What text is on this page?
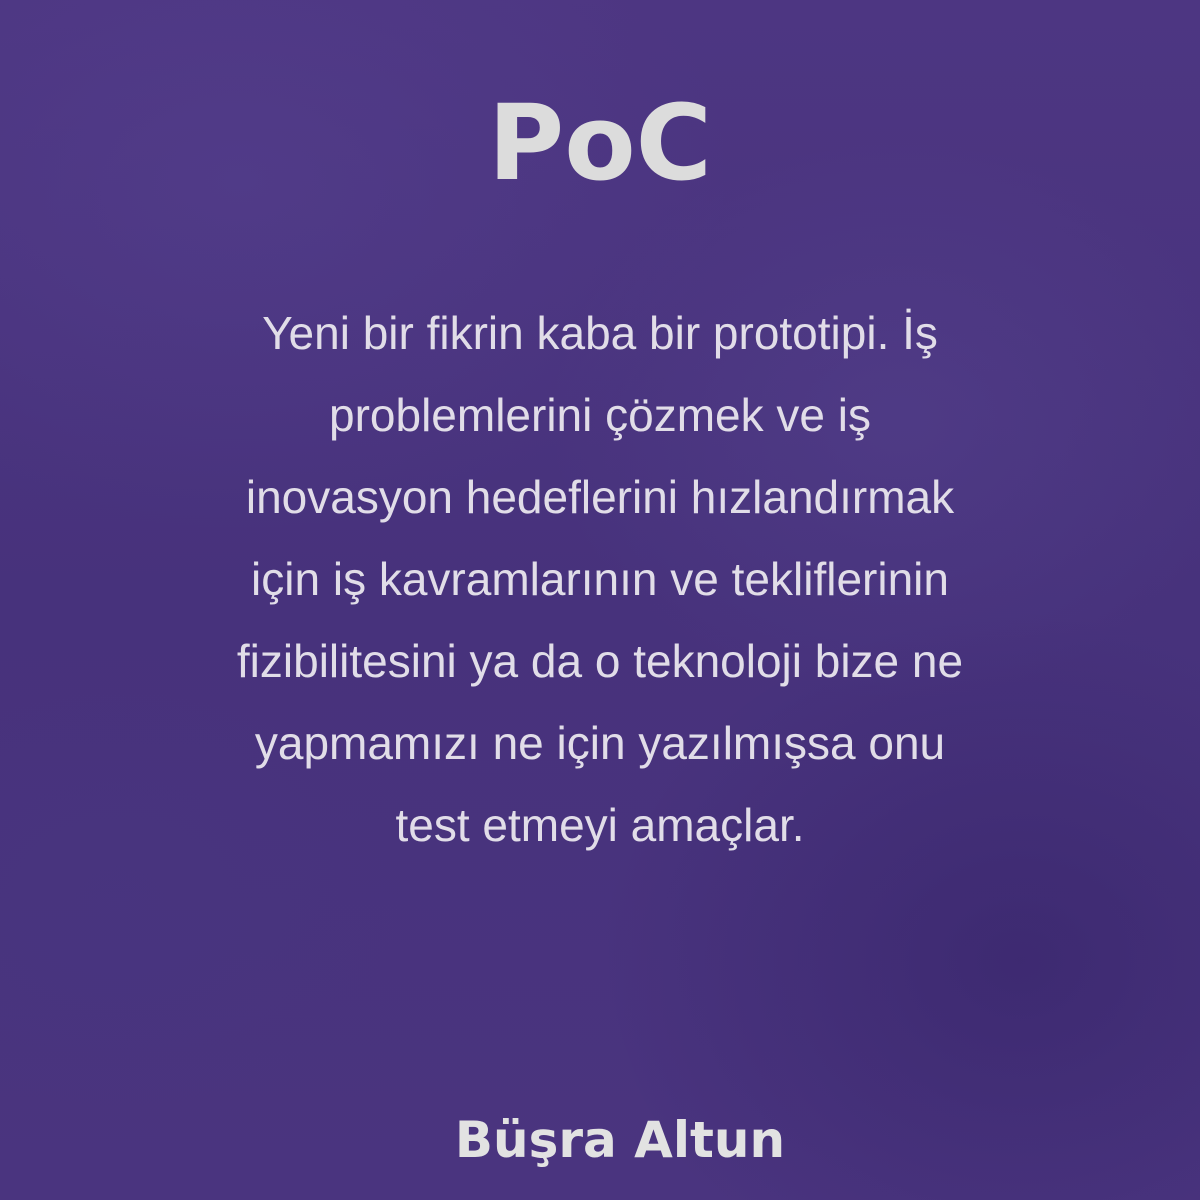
PoC

Yeni bir fikrin kaba bir prototipi. İş
problemlerini çözmek ve iş
inovasyon hedeflerini hızlandırmak
için iş kavramlarının ve tekliflerinin
fizibilitesini ya da o teknoloji bize ne
yapmamızı ne için yazılmışsa onu
test etmeyi amaçlar.

Büşra Altun
